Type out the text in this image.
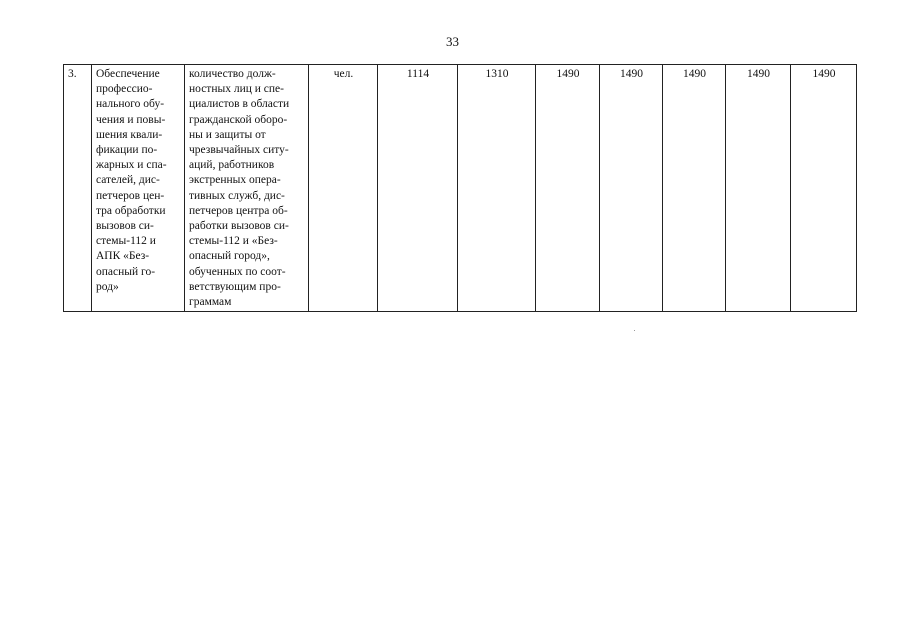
33
3.	Обеспечение
профессио-
нального обу-
чения и повы-
шения квали-
фикации по-
жарных и спа-
сателей, дис-
петчеров цен-
тра обработки
вызовов си-
стемы-112 и
АПК «Без-
опасный го-
род»	количество долж-
ностных лиц и спе-
циалистов в области
гражданской оборо-
ны и защиты от
чрезвычайных ситу-
аций, работников
экстренных опера-
тивных служб, дис-
петчеров центра об-
работки вызовов си-
стемы-112 и «Без-
опасный город»,
обученных по соот-
ветствующим про-
граммам	чел.	1114	1310	1490	1490	1490	1490	1490
